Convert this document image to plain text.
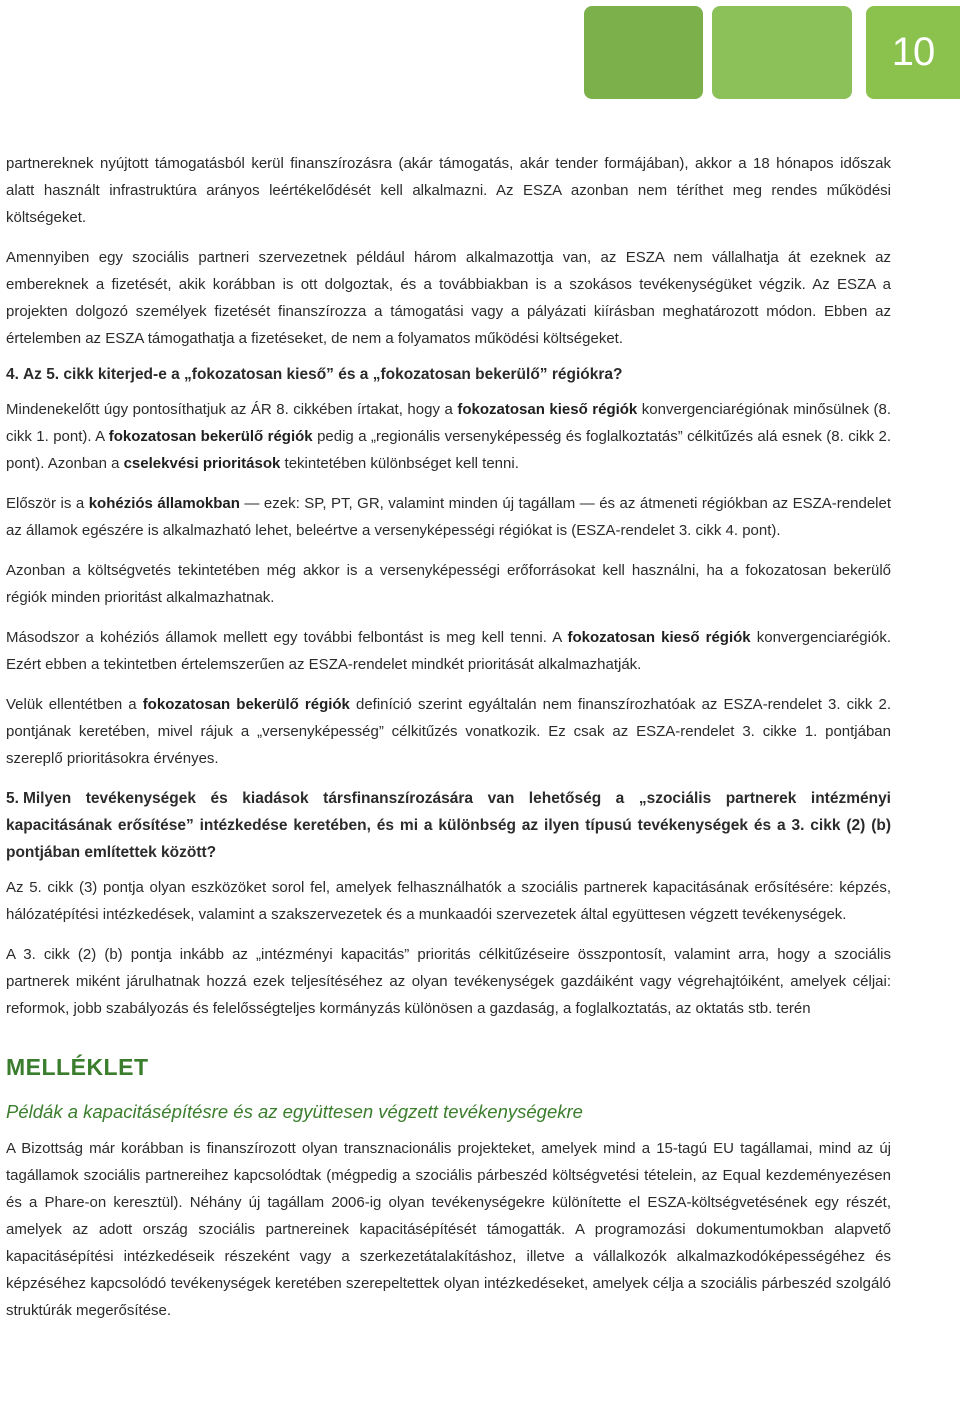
10

partnereknek nyújtott támogatásból kerül finanszírozásra (akár támogatás, akár tender formájában), akkor a 18 hónapos időszak alatt használt infrastruktúra arányos leértékelődését kell alkalmazni. Az ESZA azonban nem téríthet meg rendes működési költségeket.

Amennyiben egy szociális partneri szervezetnek például három alkalmazottja van, az ESZA nem vállalhatja át ezeknek az embereknek a fizetését, akik korábban is ott dolgoztak, és a továbbiakban is a szokásos tevékenységüket végzik. Az ESZA a projekten dolgozó személyek fizetését finanszírozza a támogatási vagy a pályázati kiírásban meghatározott módon. Ebben az értelemben az ESZA támogathatja a fizetéseket, de nem a folyamatos működési költségeket.

4. Az 5. cikk kiterjed-e a „fokozatosan kieső” és a „fokozatosan bekerülő” régiókra?

Mindenekelőtt úgy pontosíthatjuk az ÁR 8. cikkében írtakat, hogy a fokozatosan kieső régiók konvergenciarégiónak minősülnek (8. cikk 1. pont). A fokozatosan bekerülő régiók pedig a „regionális versenyképesség és foglalkoztatás” célkitűzés alá esnek (8. cikk 2. pont). Azonban a cselekvési prioritások tekintetében különbséget kell tenni.

Először is a kohéziós államokban — ezek: SP, PT, GR, valamint minden új tagállam — és az átmeneti régiókban az ESZA-rendelet az államok egészére is alkalmazható lehet, beleértve a versenyképességi régiókat is (ESZA-rendelet 3. cikk 4. pont).

Azonban a költségvetés tekintetében még akkor is a versenyképességi erőforrásokat kell használni, ha a fokozatosan bekerülő régiók minden prioritást alkalmazhatnak.

Másodszor a kohéziós államok mellett egy további felbontást is meg kell tenni. A fokozatosan kieső régiók konvergenciarégiók. Ezért ebben a tekintetben értelemszerűen az ESZA-rendelet mindkét prioritását alkalmazhatják.

Velük ellentétben a fokozatosan bekerülő régiók definíció szerint egyáltalán nem finanszírozhatóak az ESZA-rendelet 3. cikk 2. pontjának keretében, mivel rájuk a „versenyképesség” célkitűzés vonatkozik. Ez csak az ESZA-rendelet 3. cikke 1. pontjában szereplő prioritásokra érvényes.

5. Milyen tevékenységek és kiadások társfinanszírozására van lehetőség a „szociális partnerek intézményi kapacitásának erősítése” intézkedése keretében, és mi a különbség az ilyen típusú tevékenységek és a 3. cikk (2) (b) pontjában említettek között?

Az 5. cikk (3) pontja olyan eszközöket sorol fel, amelyek felhasználhatók a szociális partnerek kapacitásának erősítésére: képzés, hálózatépítési intézkedések, valamint a szakszervezetek és a munkaadói szervezetek által együttesen végzett tevékenységek.

A 3. cikk (2) (b) pontja inkább az „intézményi kapacitás” prioritás célkitűzéseire összpontosít, valamint arra, hogy a szociális partnerek miként járulhatnak hozzá ezek teljesítéséhez az olyan tevékenységek gazdáiként vagy végrehajtóiként, amelyek céljai: reformok, jobb szabályozás és felelősségteljes kormányzás különösen a gazdaság, a foglalkoztatás, az oktatás stb. terén

MELLÉKLET
Példák a kapacitásépítésre és az együttesen végzett tevékenységekre

A Bizottság már korábban is finanszírozott olyan transznacionális projekteket, amelyek mind a 15-tagú EU tagállamai, mind az új tagállamok szociális partnereihez kapcsolódtak (mégpedig a szociális párbeszéd költségvetési tételein, az Equal kezdeményezésen és a Phare-on keresztül). Néhány új tagállam 2006-ig olyan tevékenységekre különítette el ESZA-költségvetésének egy részét, amelyek az adott ország szociális partnereinek kapacitásépítését támogatták. A programozási dokumentumokban alapvető kapacitásépítési intézkedéseik részeként vagy a szerkezetátalakításhoz, illetve a vállalkozók alkalmazkodóképességéhez és képzéséhez kapcsolódó tevékenységek keretében szerepeltettek olyan intézkedéseket, amelyek célja a szociális párbeszéd szolgáló struktúrák megerősítése.
